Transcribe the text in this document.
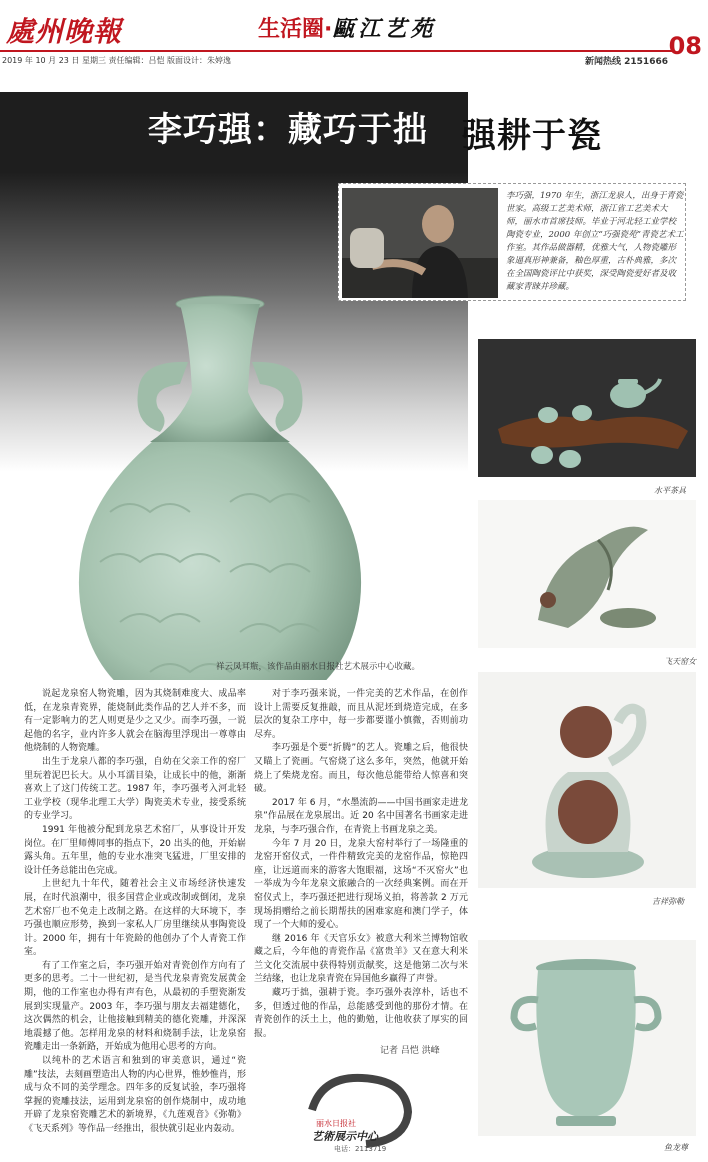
處州晚報	生活圈·甌江艺苑
08
2019 年 10 月 23 日 星期三 责任编辑：吕恺 版面设计：朱婷逸	新闻热线 2151666
李巧强：藏巧于拙 强耕于瓷
祥云凤耳瓶，该作品由丽水日报社艺术展示中心收藏。
李巧强，1970 年生，浙江龙泉人，出身于青瓷世家。高级工艺美术师，浙江省工艺美术大师，丽水市首席技师。毕业于河北轻工业学校陶瓷专业，2000 年创立“巧强瓷苑”青瓷艺术工作室。其作品做器精，优雅大气，人物瓷雕形象逼真形神兼备，釉色厚重，古朴典雅，多次在全国陶瓷评比中获奖，深受陶瓷爱好者及收藏家青睐并珍藏。
水平茶具
飞天窑女
吉祥弥勒
鱼龙尊

说起龙泉窑人物瓷雕，因为其烧制难度大、成品率低，在龙泉青瓷界，能烧制此类作品的艺人并不多，而有一定影响力的艺人则更是少之又少。而李巧强，一说起他的名字，业内许多人就会在脑海里浮现出一尊尊由他烧制的人物瓷雕。

出生于龙泉八都的李巧强，自幼在父亲工作的窑厂里玩着泥巴长大。从小耳濡目染，让成长中的他，渐渐喜欢上了这门传统工艺。1987 年，李巧强考入河北轻工业学校（现华北理工大学）陶瓷美术专业，接受系统的专业学习。

1991 年他被分配到龙泉艺术窑厂，从事设计开发岗位。在厂里师傅同事的指点下，20 出头的他，开始崭露头角。五年里，他的专业水准突飞猛进，厂里安排的设计任务总能出色完成。

上世纪九十年代，随着社会主义市场经济快速发展，在时代浪潮中，很多国营企业或改制或倒闭，龙泉艺术窑厂也不免走上改制之路。在这样的大环境下，李巧强也顺应形势，换到一家私人厂房里继续从事陶瓷设计。2000 年，拥有十年瓷龄的他创办了个人青瓷工作室。

有了工作室之后，李巧强开始对青瓷创作方向有了更多的思考。二十一世纪初，是当代龙泉青瓷发展黄金期，他的工作室也办得有声有色，从最初的手塑瓷渐发展到实现量产。2003 年，李巧强与朋友去福建德化，这次偶然的机会，让他接触到精美的德化瓷雕，并深深地震撼了他。怎样用龙泉的材料和烧制手法，让龙泉窑瓷雕走出一条新路，开始成为他用心思考的方向。

以纯朴的艺术语言和独到的审美意识，通过“瓷雕”技法，去刻画塑造出人物的内心世界，惟妙惟肖，形成与众不同的美学理念。四年多的反复试验，李巧强将掌握的瓷雕技法，运用到龙泉窑的创作烧制中，成功地开辟了龙泉窑瓷雕艺术的新境界，《九莲观音》《弥勒》《飞天系列》等作品一经推出，很快就引起业内轰动。

对于李巧强来说，一件完美的艺术作品，在创作设计上需要反复推敲，而且从泥坯到烧造完成，在多层次的复杂工序中，每一步都要谨小慎微，否则前功尽弃。

李巧强是个要“折腾”的艺人。瓷雕之后，他很快又瞄上了瓷画。气窑烧了这么多年，突然，他就开始烧上了柴烧龙窑。而且，每次他总能带给人惊喜和突破。

2017 年 6 月，“水墨流韵——中国书画家走进龙泉”作品展在龙泉展出。近 20 名中国著名书画家走进龙泉，与李巧强合作，在青瓷上书画龙泉之美。

今年 7 月 20 日，龙泉大窑村举行了一场隆重的龙窑开窑仪式，一件件精致完美的龙窑作品，惊艳四座，让远道而来的游客大饱眼福，这场“不灭窑火”也一举成为今年龙泉文旅融合的一次经典案例。而在开窑仪式上，李巧强还把进行现场义拍，将善款 2 万元现场捐赠给之前长期帮扶的困难家庭和澳门学子，体现了一个大师的爱心。

继 2016 年《天官乐女》被意大利米兰博物馆收藏之后，今年他的青瓷作品《富贵羊》又在意大利米兰文化交流展中获得特别贡献奖，这是他第二次与米兰结缘，也让龙泉青瓷在异国他乡赢得了声誉。

藏巧于拙，强耕于瓷。李巧强外表淳朴，话也不多，但透过他的作品，总能感受到他的那份才情。在青瓷创作的沃土上，他的勤勉，让他收获了厚实的回报。

记者 吕恺 洪峰
丽水日报社
艺術展示中心
电话：2113719
